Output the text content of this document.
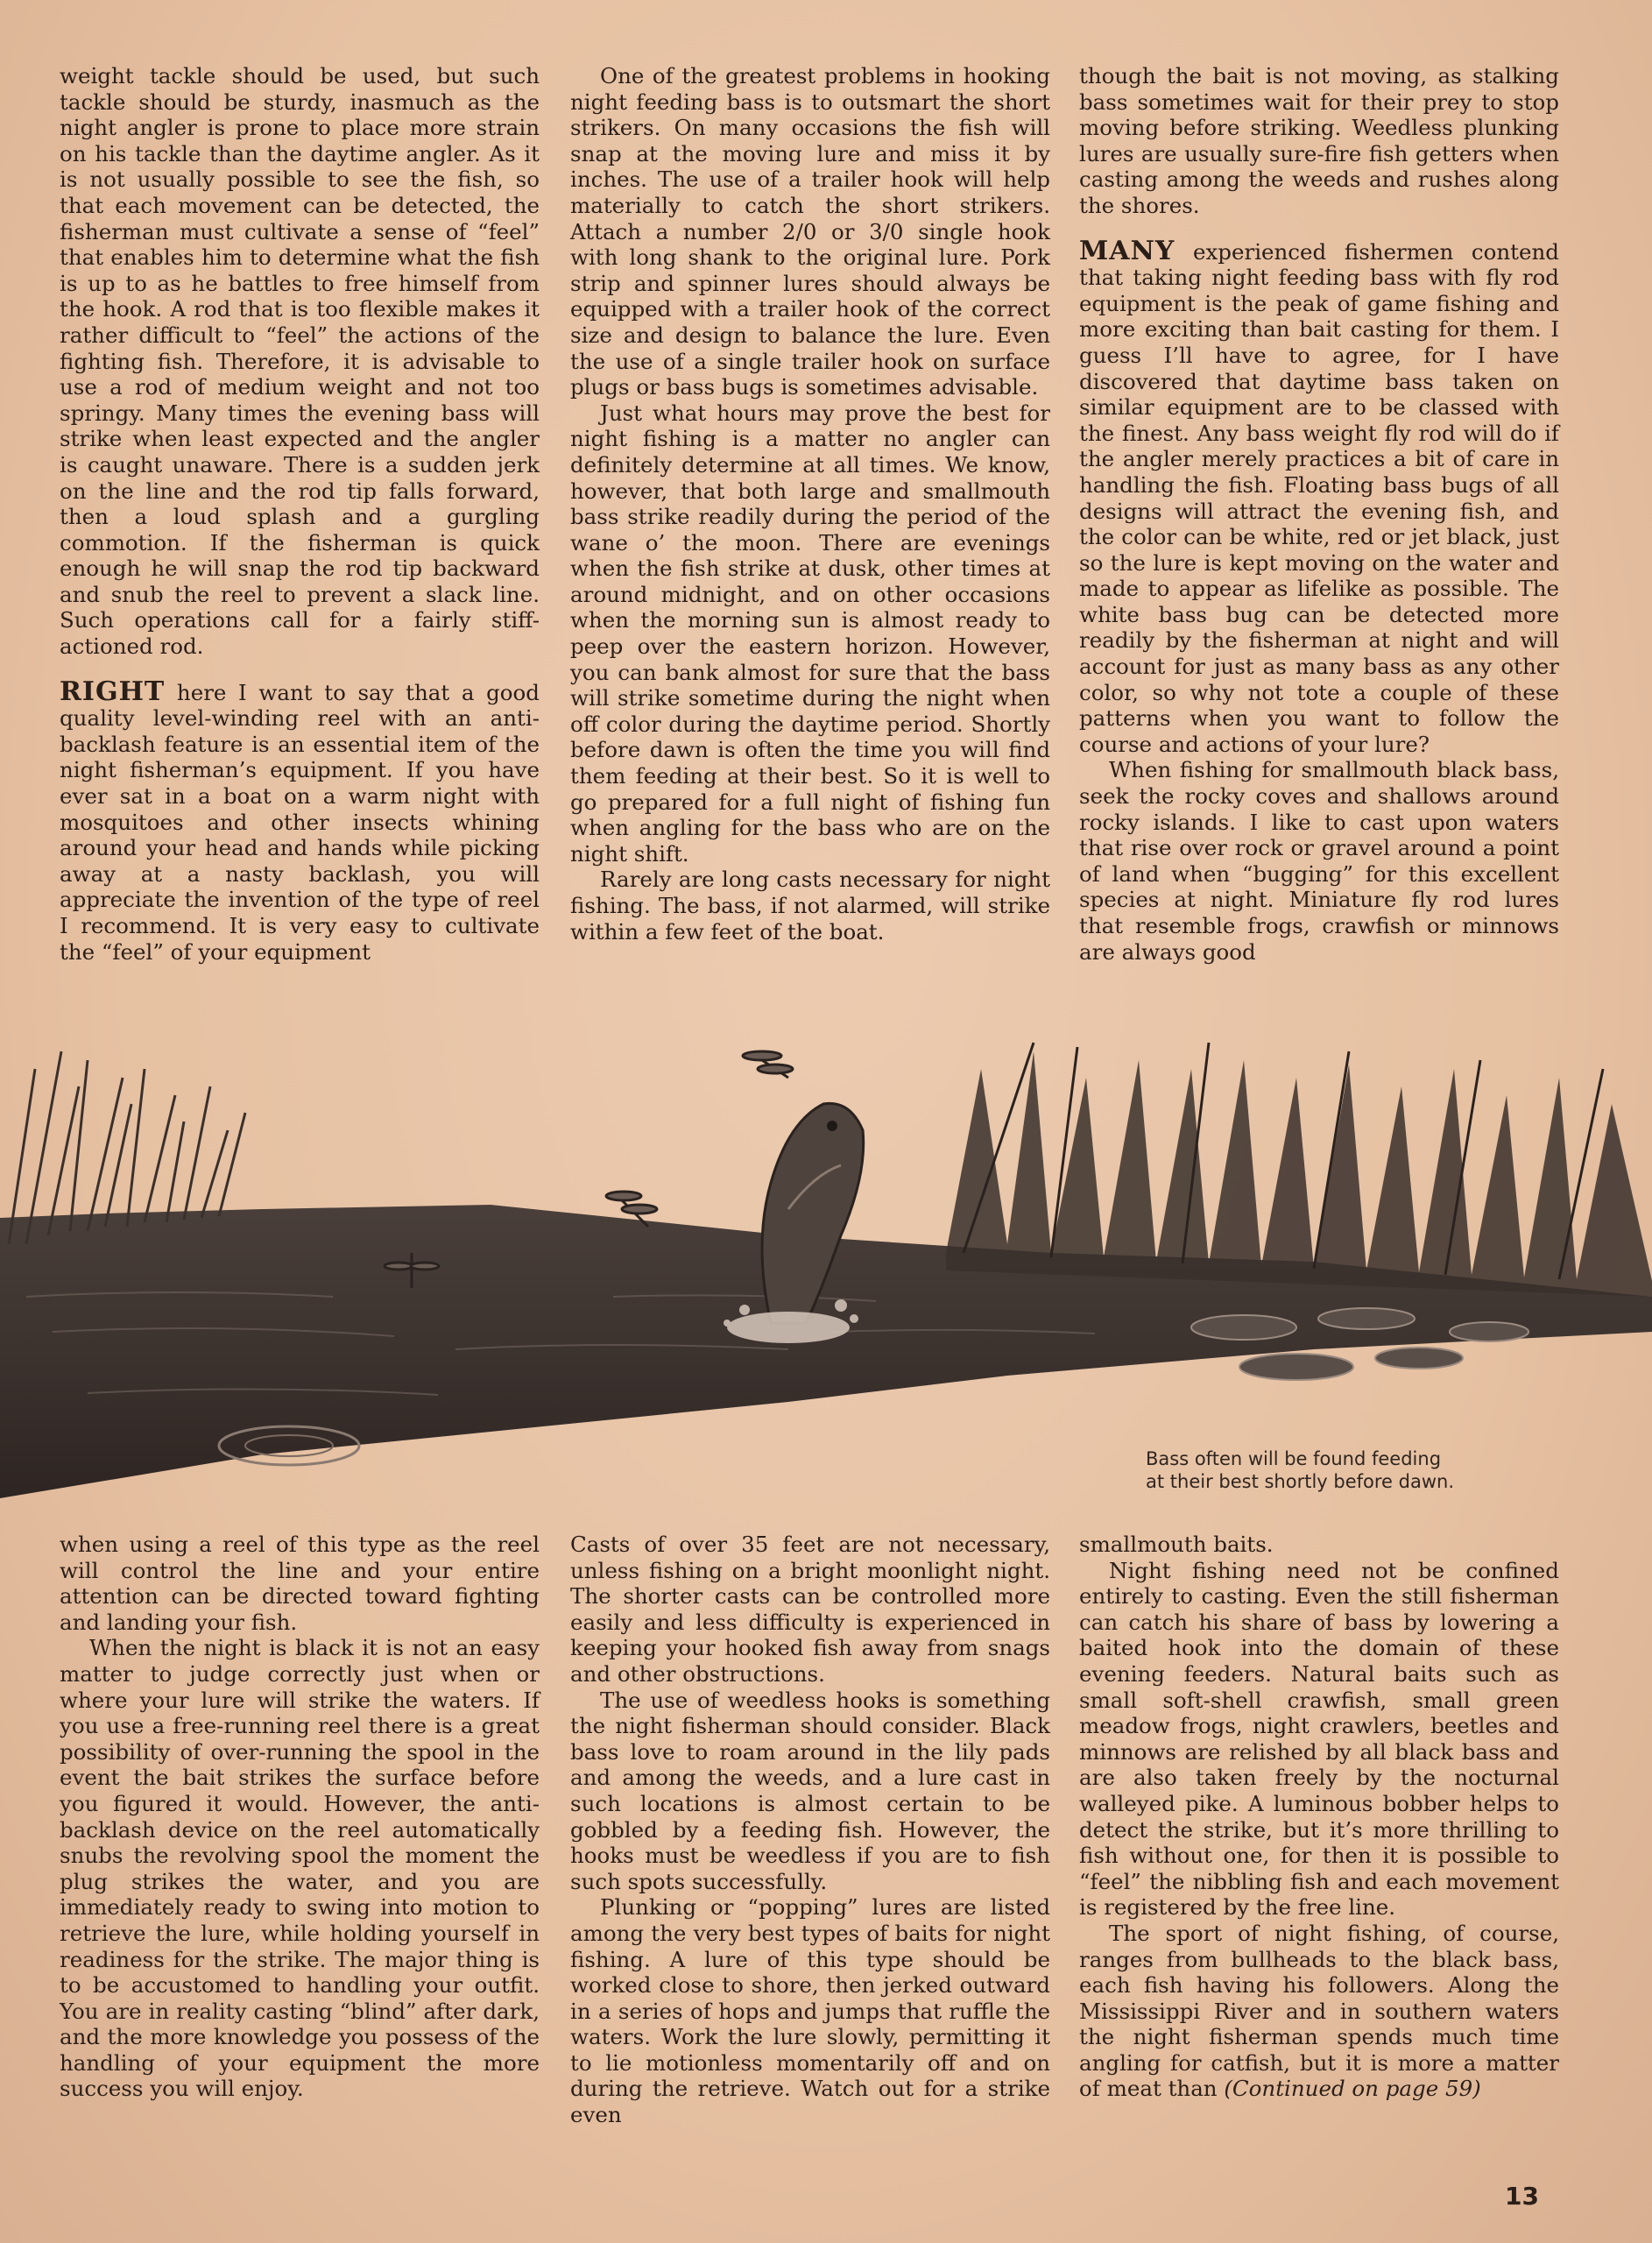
weight tackle should be used, but such tackle should be sturdy, inasmuch as the night angler is prone to place more strain on his tackle than the daytime angler. As it is not usually possible to see the fish, so that each movement can be detected, the fisherman must cultivate a sense of “feel” that enables him to determine what the fish is up to as he battles to free himself from the hook. A rod that is too flexible makes it rather difficult to “feel” the actions of the fighting fish. Therefore, it is advisable to use a rod of medium weight and not too springy. Many times the evening bass will strike when least expected and the angler is caught unaware. There is a sudden jerk on the line and the rod tip falls forward, then a loud splash and a gurgling commotion. If the fisherman is quick enough he will snap the rod tip backward and snub the reel to prevent a slack line. Such operations call for a fairly stiff-actioned rod.

RIGHT here I want to say that a good quality level-winding reel with an anti-backlash feature is an essential item of the night fisherman’s equipment. If you have ever sat in a boat on a warm night with mosquitoes and other insects whining around your head and hands while picking away at a nasty backlash, you will appreciate the invention of the type of reel I recommend. It is very easy to cultivate the “feel” of your equipment

One of the greatest problems in hooking night feeding bass is to outsmart the short strikers. On many occasions the fish will snap at the moving lure and miss it by inches. The use of a trailer hook will help materially to catch the short strikers. Attach a number 2/0 or 3/0 single hook with long shank to the original lure. Pork strip and spinner lures should always be equipped with a trailer hook of the correct size and design to balance the lure. Even the use of a single trailer hook on surface plugs or bass bugs is sometimes advisable.

Just what hours may prove the best for night fishing is a matter no angler can definitely determine at all times. We know, however, that both large and smallmouth bass strike readily during the period of the wane o’ the moon. There are evenings when the fish strike at dusk, other times at around midnight, and on other occasions when the morning sun is almost ready to peep over the eastern horizon. However, you can bank almost for sure that the bass will strike sometime during the night when off color during the daytime period. Shortly before dawn is often the time you will find them feeding at their best. So it is well to go prepared for a full night of fishing fun when angling for the bass who are on the night shift.

Rarely are long casts necessary for night fishing. The bass, if not alarmed, will strike within a few feet of the boat.

though the bait is not moving, as stalking bass sometimes wait for their prey to stop moving before striking. Weedless plunking lures are usually sure-fire fish getters when casting among the weeds and rushes along the shores.

MANY experienced fishermen contend that taking night feeding bass with fly rod equipment is the peak of game fishing and more exciting than bait casting for them. I guess I’ll have to agree, for I have discovered that daytime bass taken on similar equipment are to be classed with the finest. Any bass weight fly rod will do if the angler merely practices a bit of care in handling the fish. Floating bass bugs of all designs will attract the evening fish, and the color can be white, red or jet black, just so the lure is kept moving on the water and made to appear as lifelike as possible. The white bass bug can be detected more readily by the fisherman at night and will account for just as many bass as any other color, so why not tote a couple of these patterns when you want to follow the course and actions of your lure?

When fishing for smallmouth black bass, seek the rocky coves and shallows around rocky islands. I like to cast upon waters that rise over rock or gravel around a point of land when “bugging” for this excellent species at night. Miniature fly rod lures that resemble frogs, crawfish or minnows are always good

Bass often will be found feeding
at their best shortly before dawn.

when using a reel of this type as the reel will control the line and your entire attention can be directed toward fighting and landing your fish.

When the night is black it is not an easy matter to judge correctly just when or where your lure will strike the waters. If you use a free-running reel there is a great possibility of over-running the spool in the event the bait strikes the surface before you figured it would. However, the anti-backlash device on the reel automatically snubs the revolving spool the moment the plug strikes the water, and you are immediately ready to swing into motion to retrieve the lure, while holding yourself in readiness for the strike. The major thing is to be accustomed to handling your outfit. You are in reality casting “blind” after dark, and the more knowledge you possess of the handling of your equipment the more success you will enjoy.

Casts of over 35 feet are not necessary, unless fishing on a bright moonlight night. The shorter casts can be controlled more easily and less difficulty is experienced in keeping your hooked fish away from snags and other obstructions.

The use of weedless hooks is something the night fisherman should consider. Black bass love to roam around in the lily pads and among the weeds, and a lure cast in such locations is almost certain to be gobbled by a feeding fish. However, the hooks must be weedless if you are to fish such spots successfully.

Plunking or “popping” lures are listed among the very best types of baits for night fishing. A lure of this type should be worked close to shore, then jerked outward in a series of hops and jumps that ruffle the waters. Work the lure slowly, permitting it to lie motionless momentarily off and on during the retrieve. Watch out for a strike even

smallmouth baits.

Night fishing need not be confined entirely to casting. Even the still fisherman can catch his share of bass by lowering a baited hook into the domain of these evening feeders. Natural baits such as small soft-shell crawfish, small green meadow frogs, night crawlers, beetles and minnows are relished by all black bass and are also taken freely by the nocturnal walleyed pike. A luminous bobber helps to detect the strike, but it’s more thrilling to fish without one, for then it is possible to “feel” the nibbling fish and each movement is registered by the free line.

The sport of night fishing, of course, ranges from bullheads to the black bass, each fish having his followers. Along the Mississippi River and in southern waters the night fisherman spends much time angling for catfish, but it is more a matter of meat than (Continued on page 59)

13
